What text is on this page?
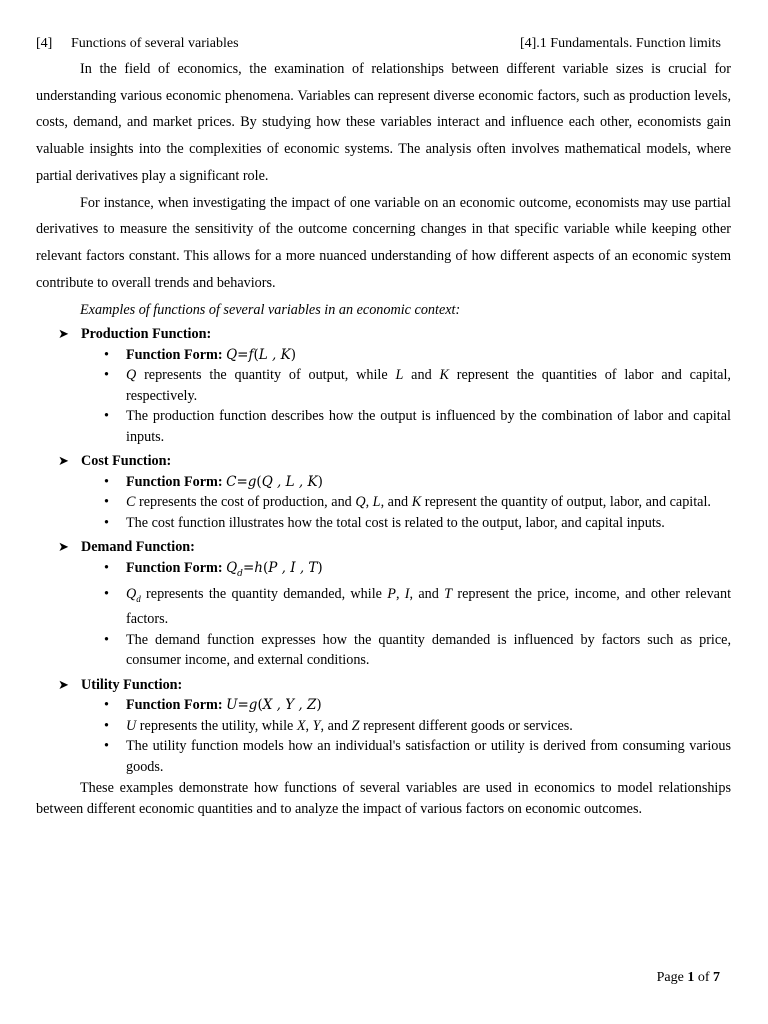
[4] Functions of several variables	[4].1 Fundamentals. Function limits

In the field of economics, the examination of relationships between different variable sizes is crucial for understanding various economic phenomena. Variables can represent diverse economic factors, such as production levels, costs, demand, and market prices. By studying how these variables interact and influence each other, economists gain valuable insights into the complexities of economic systems. The analysis often involves mathematical models, where partial derivatives play a significant role.

For instance, when investigating the impact of one variable on an economic outcome, economists may use partial derivatives to measure the sensitivity of the outcome concerning changes in that specific variable while keeping other relevant factors constant. This allows for a more nuanced understanding of how different aspects of an economic system contribute to overall trends and behaviors.

Examples of functions of several variables in an economic context:

➤ Production Function:
• Function Form: Q=f(L , K)
• Q represents the quantity of output, while L and K represent the quantities of labor and capital, respectively.
• The production function describes how the output is influenced by the combination of labor and capital inputs.
➤ Cost Function:
• Function Form: C=g(Q , L , K)
• C represents the cost of production, and Q, L, and K represent the quantity of output, labor, and capital.
• The cost function illustrates how the total cost is related to the output, labor, and capital inputs.
➤ Demand Function:
• Function Form: $Q_d=h(P$ , I , T)
• $Q_d$ represents the quantity demanded, while P, I, and T represent the price, income, and other relevant factors.
• The demand function expresses how the quantity demanded is influenced by factors such as price, consumer income, and external conditions.
➤ Utility Function:
• Function Form: U=g(X , Y , Z)
• U represents the utility, while X, Y, and Z represent different goods or services.
• The utility function models how an individual's satisfaction or utility is derived from consuming various goods.

These examples demonstrate how functions of several variables are used in economics to model relationships between different economic quantities and to analyze the impact of various factors on economic outcomes.

Page 1 of 7
